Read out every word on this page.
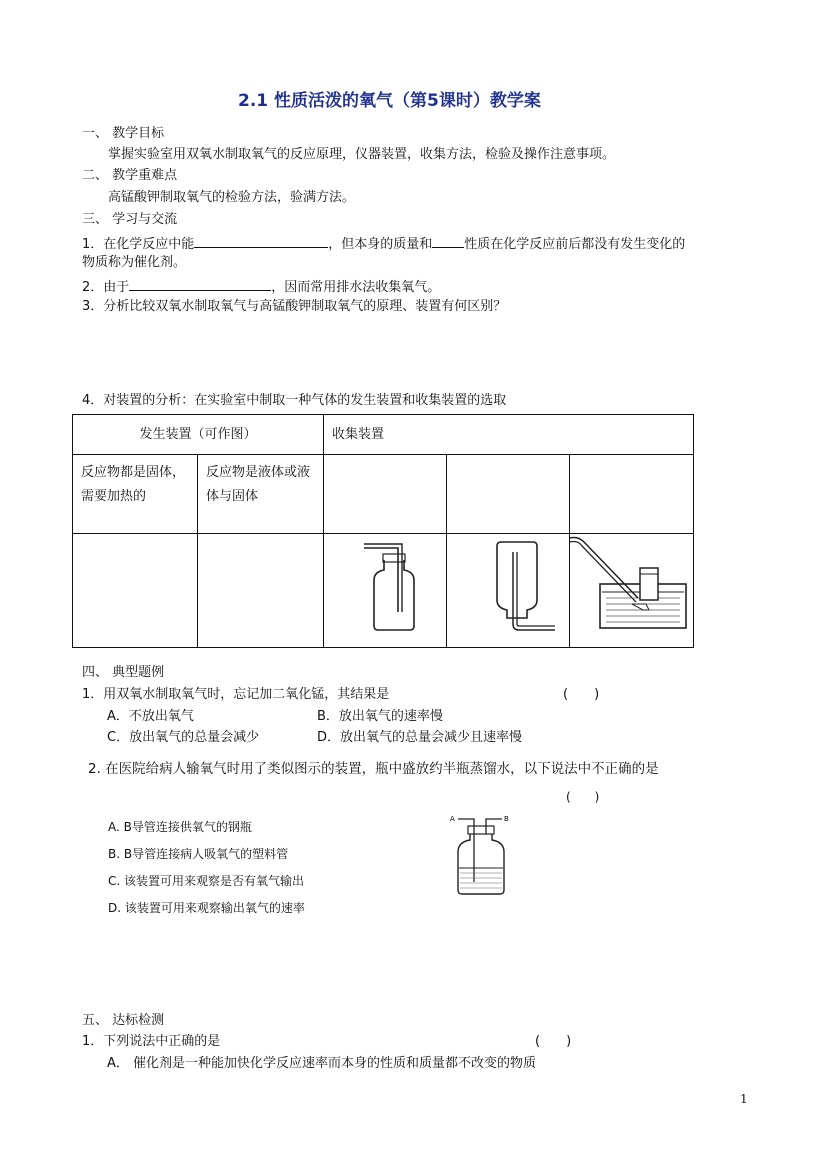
2.1 性质活泼的氧气（第5课时）教学案
一、 教学目标
掌握实验室用双氧水制取氧气的反应原理，仪器装置，收集方法，检验及操作注意事项。
二、 教学重难点
高锰酸钾制取氧气的检验方法，验满方法。
三、 学习与交流
1．在化学反应中能	，但本身的质量和 性质在化学反应前后都没有发生变化的
物质称为催化剂。
2．由于	，因而常用排水法收集氧气。
3．分析比较双氧水制取氧气与高锰酸钾制取氧气的原理、装置有何区别？
4．对装置的分析：在实验室中制取一种气体的发生装置和收集装置的选取
发生装置（可作图）		收集装置		

反应物都是固体，需要加热的	反应物是液体或液体与固体			

四、 典型题例
1．用双氧水制取氧气时，忘记加二氧化锰，其结果是	(　　)
A．不放出氧气	B．放出氧气的速率慢
C．放出氧气的总量会减少	D．放出氧气的总量会减少且速率慢
2. 在医院给病人输氧气时用了类似图示的装置，瓶中盛放约半瓶蒸馏水，以下说法中不正确的是
(　　)
A. B导管连接供氧气的钢瓶
B. B导管连接病人吸氧气的塑料管
C. 该装置可用来观察是否有氧气输出
D. 该装置可用来观察输出氧气的速率
A	B
五、 达标检测
1．下列说法中正确的是	(　　)
A． 催化剂是一种能加快化学反应速率而本身的性质和质量都不改变的物质
1
